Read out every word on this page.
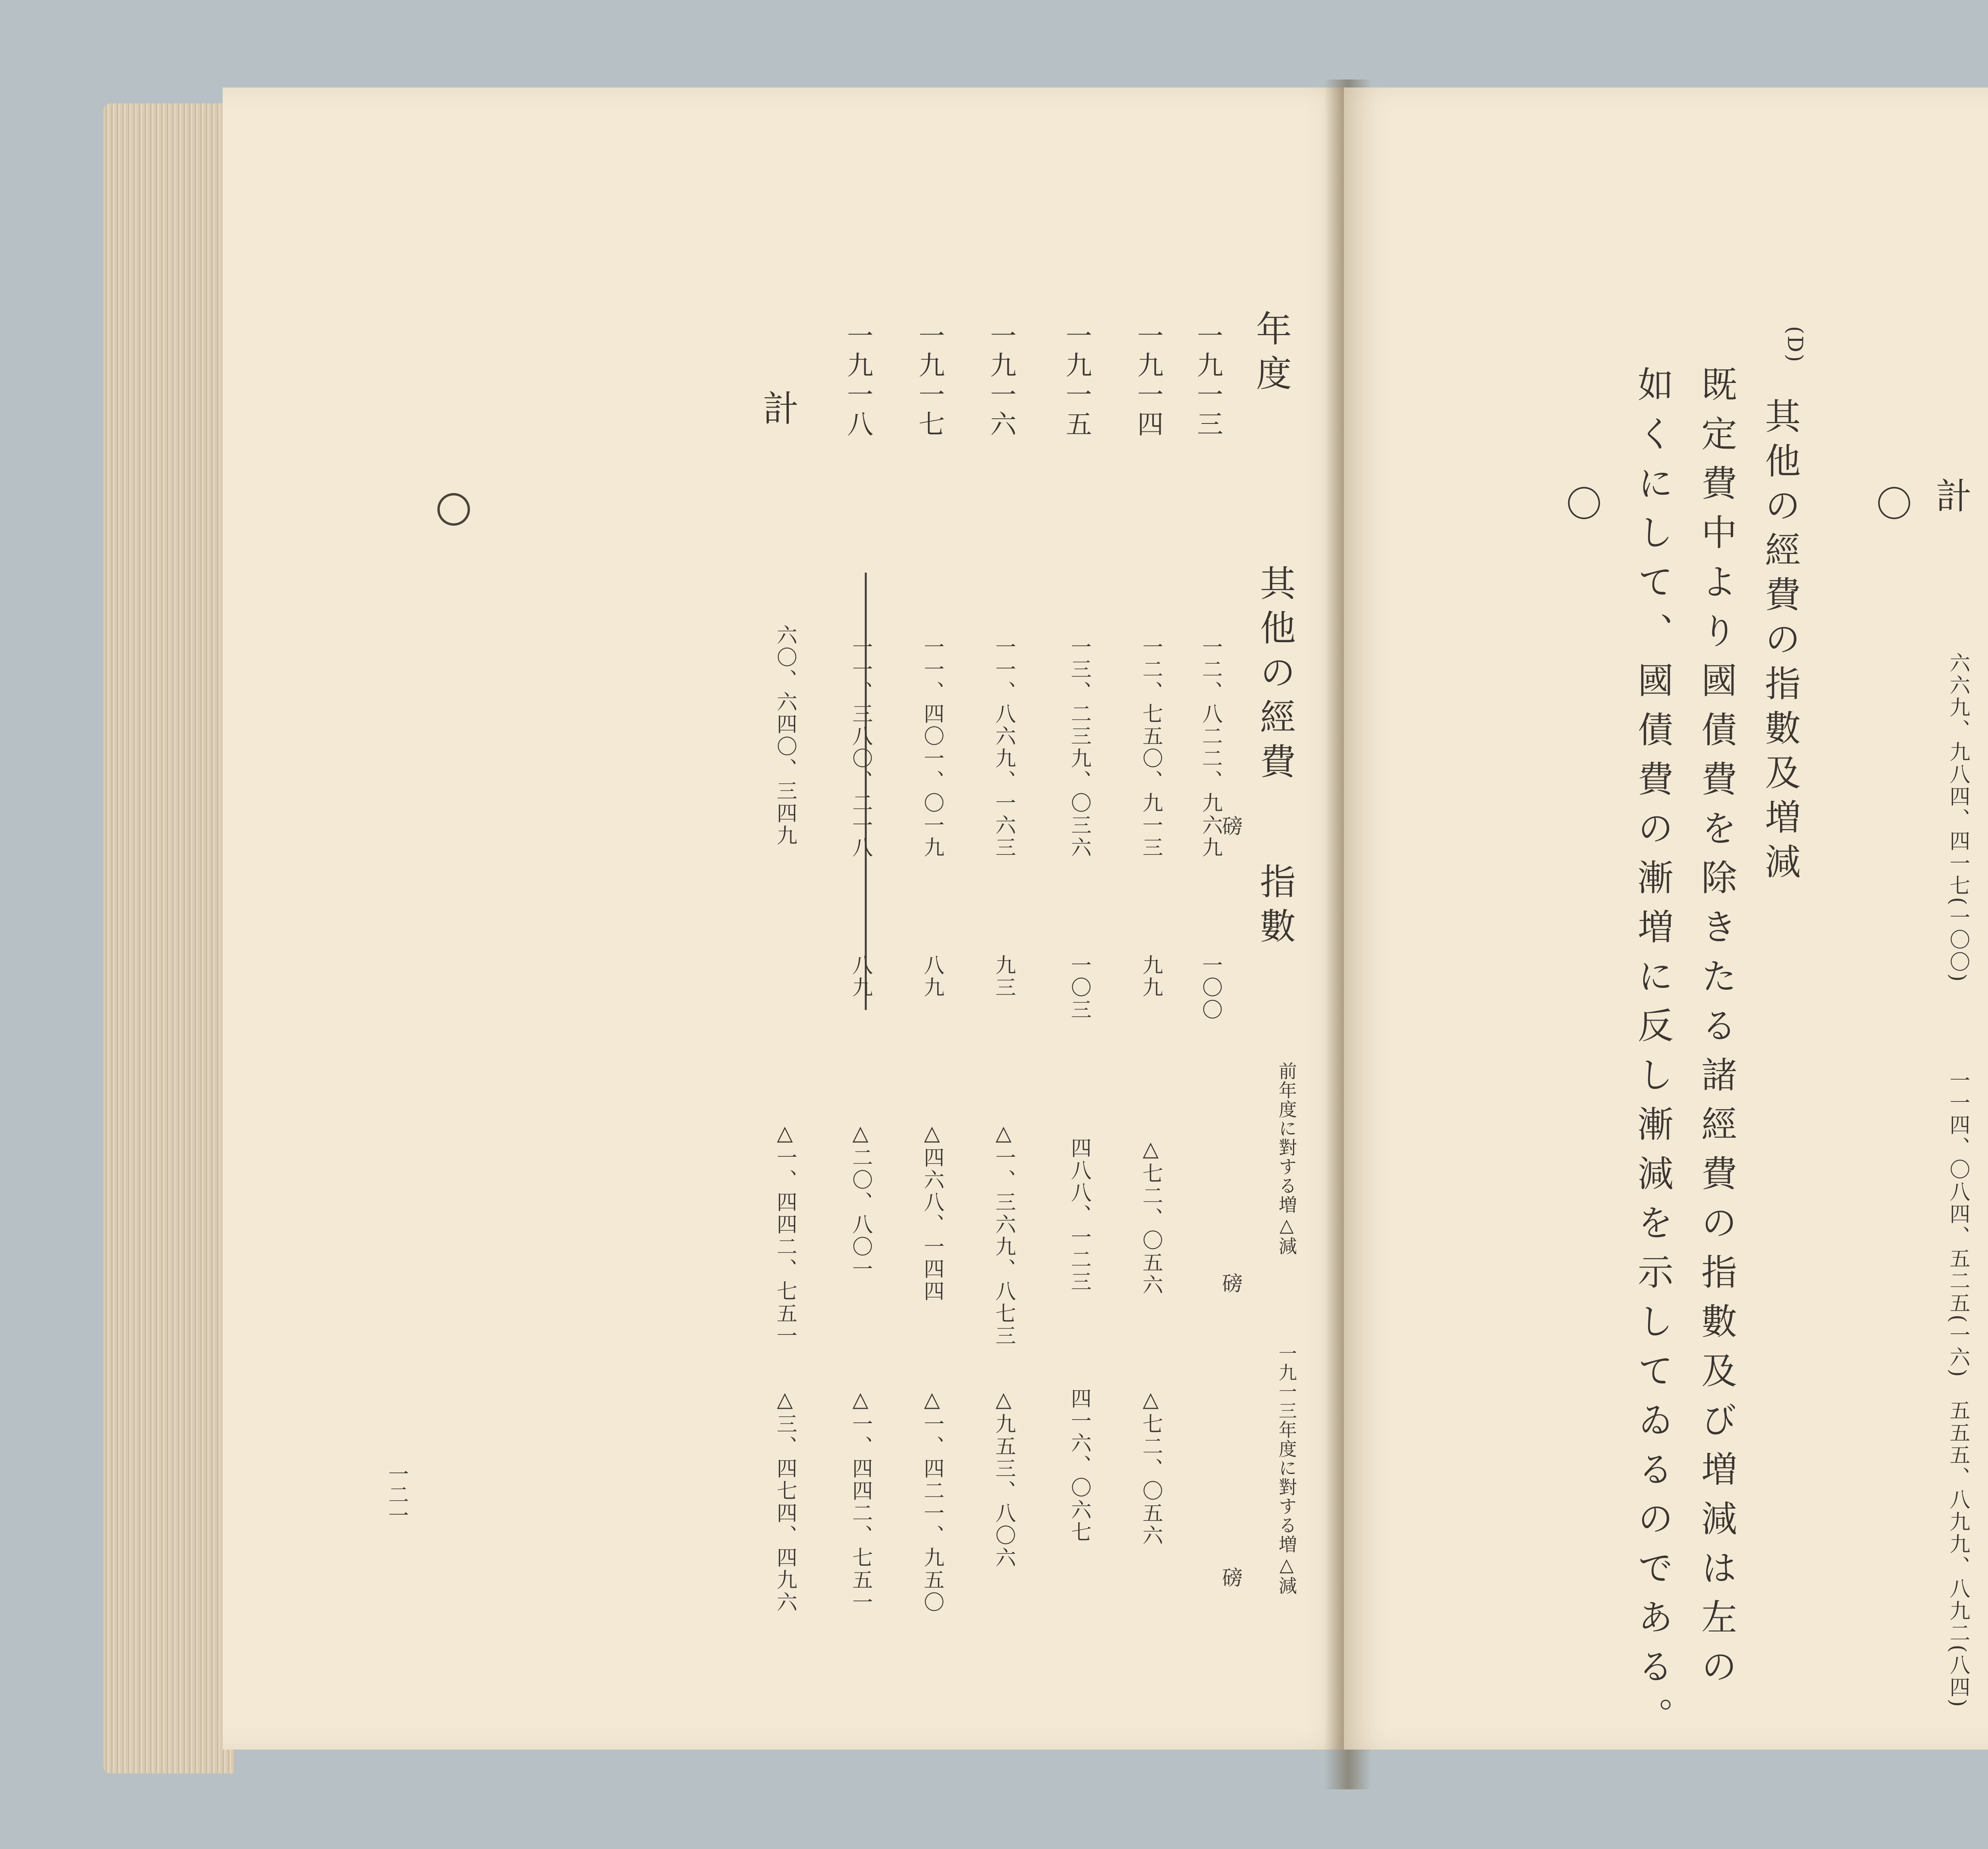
年度
一九一三
一九一四
一九一五
一九一六
一九一七
一九一八
計
其他の經費
指數
前年度に對する増△減
一九一三年度に對する増△減
磅
磅
磅
一二、八二二、九六九
一二、七五〇、九一三
一三、二三九、〇三六
一一、八六九、一六三
一一、四〇一、〇一九
一一、三八〇、二一八
六〇、六四〇、三四九
一〇〇
九九
一〇三
九三
八九
八九
△七二、〇五六
四八八、一二三
△一、三六九、八七三
△四六八、一四四
△二〇、八〇一
△一、四四二、七五一
△七二、〇五六
四一六、〇六七
△九五三、八〇六
△一、四二一、九五〇
△一、四四二、七五一
△三、四七四、四九六
一二一
計
六六九、九八四、四一七(一〇〇)
一一四、〇八四、五二五(一六)
五五五、八九九、八九二(八四)
〇
(D)
其他の經費の指數及増減
既定費中より國債費を除きたる諸經費の指數及び増減は左の
如くにして、國債費の漸増に反し漸減を示してゐるのである。
〇
